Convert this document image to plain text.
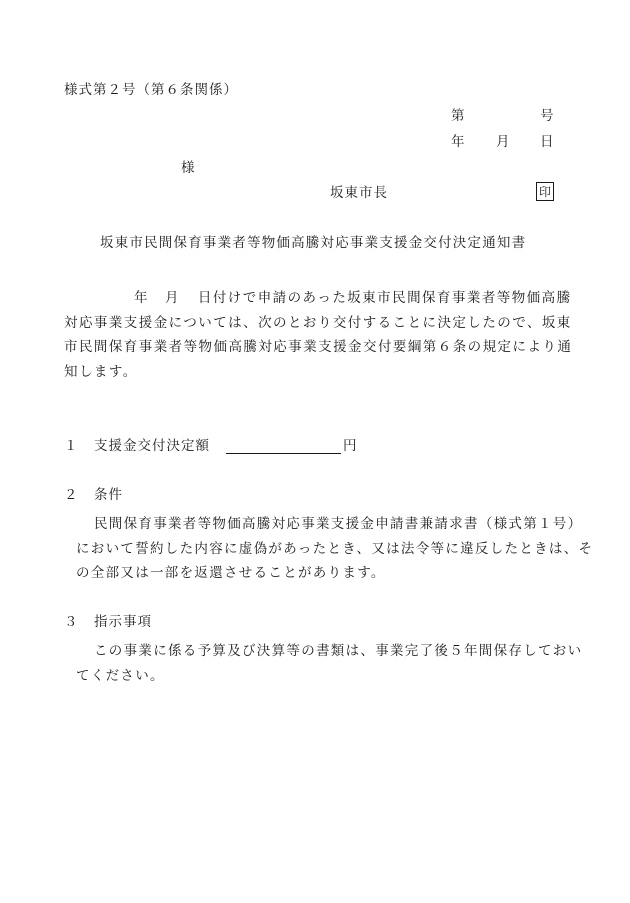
様式第２号（第６条関係）
第	号
年 月 日
様
坂東市長	印
坂東市民間保育事業者等物価高騰対応事業支援金交付決定通知書
年 月 日付けで申請のあった坂東市民間保育事業者等物価高騰対応事業支援金については、次のとおり交付することに決定したので、坂東市民間保育事業者等物価高騰対応事業支援金交付要綱第６条の規定により通知します。
１ 支援金交付決定額	円
２ 条件
民間保育事業者等物価高騰対応事業支援金申請書兼請求書（様式第１号）において誓約した内容に虚偽があったとき、又は法令等に違反したときは、その全部又は一部を返還させることがあります。
３ 指示事項
この事業に係る予算及び決算等の書類は、事業完了後５年間保存しておいてください。
